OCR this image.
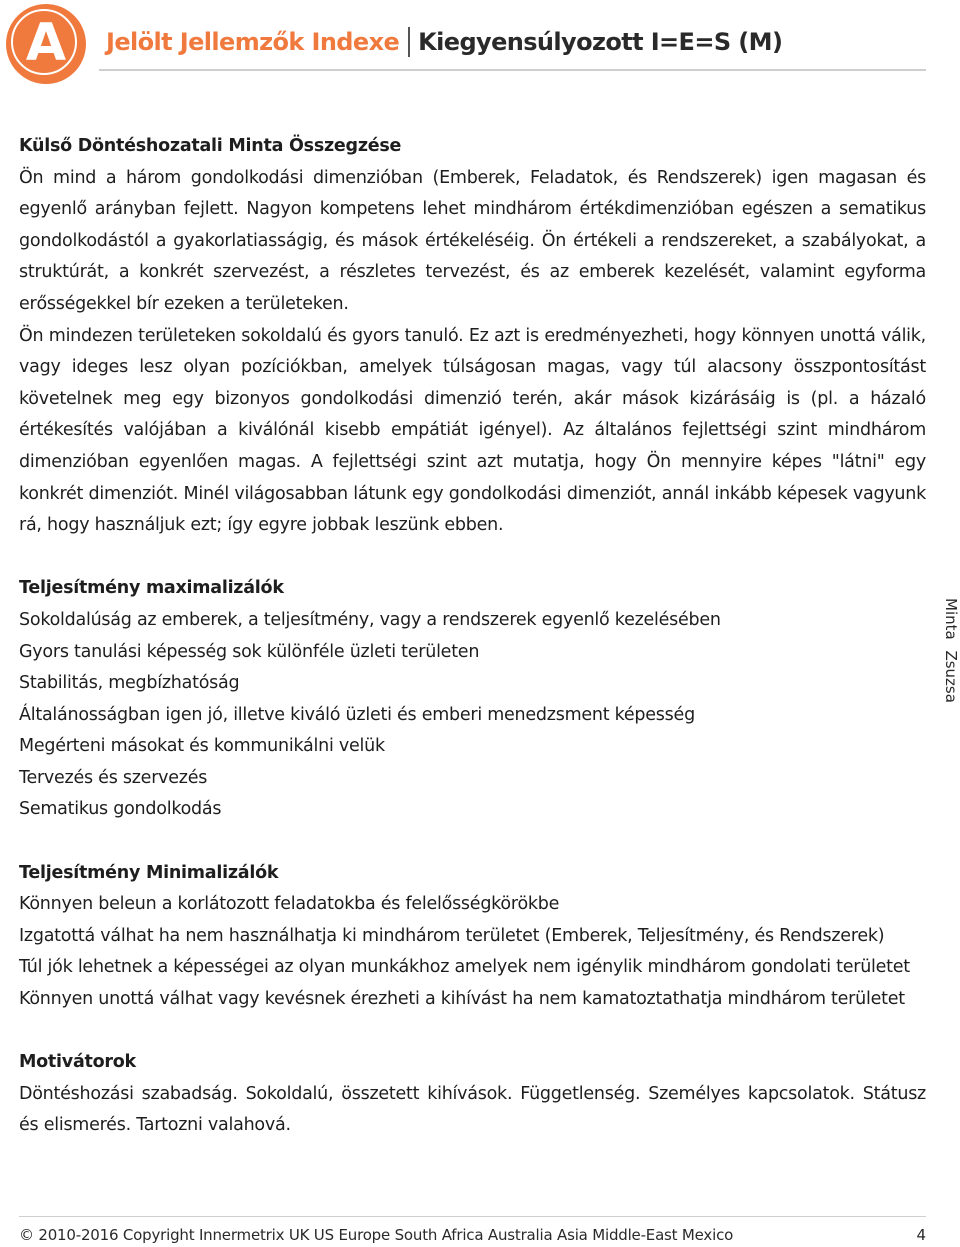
A	Jelölt Jellemzők Indexe Kiegyensúlyozott I=E=S (M)

Külső Döntéshozatali Minta Összegzése

Ön mind a három gondolkodási dimenzióban (Emberek, Feladatok, és Rendszerek) igen magasan és egyenlő arányban fejlett. Nagyon kompetens lehet mindhárom értékdimenzióban egészen a sematikus gondolkodástól a gyakorlatiasságig, és mások értékeléséig. Ön értékeli a rendszereket, a szabályokat, a struktúrát, a konkrét szervezést, a részletes tervezést, és az emberek kezelését, valamint egyforma erősségekkel bír ezeken a területeken.

Ön mindezen területeken sokoldalú és gyors tanuló. Ez azt is eredményezheti, hogy könnyen unottá válik, vagy ideges lesz olyan pozíciókban, amelyek túlságosan magas, vagy túl alacsony összpontosítást követelnek meg egy bizonyos gondolkodási dimenzió terén, akár mások kizárásáig is (pl. a házaló értékesítés valójában a kiválónál kisebb empátiát igényel). Az általános fejlettségi szint mindhárom dimenzióban egyenlően magas. A fejlettségi szint azt mutatja, hogy Ön mennyire képes "látni" egy konkrét dimenziót. Minél világosabban látunk egy gondolkodási dimenziót, annál inkább képesek vagyunk rá, hogy használjuk ezt; így egyre jobbak leszünk ebben.

Teljesítmény maximalizálók

Sokoldalúság az emberek, a teljesítmény, vagy a rendszerek egyenlő kezelésében

Gyors tanulási képesség sok különféle üzleti területen

Stabilitás, megbízhatóság

Általánosságban igen jó, illetve kiváló üzleti és emberi menedzsment képesség

Megérteni másokat és kommunikálni velük

Tervezés és szervezés

Sematikus gondolkodás

Teljesítmény Minimalizálók

Könnyen beleun a korlátozott feladatokba és felelősségkörökbe

Izgatottá válhat ha nem használhatja ki mindhárom területet (Emberek, Teljesítmény, és Rendszerek)

Túl jók lehetnek a képességei az olyan munkákhoz amelyek nem igénylik mindhárom gondolati területet

Könnyen unottá válhat vagy kevésnek érezheti a kihívást ha nem kamatoztathatja mindhárom területet

Motivátorok

Döntéshozási szabadság. Sokoldalú, összetett kihívások. Függetlenség. Személyes kapcsolatok. Státusz és elismerés. Tartozni valahová.

Minta Zsuzsa
© 2010-2016 Copyright Innermetrix UK US Europe South Africa Australia Asia Middle-East Mexico	4
